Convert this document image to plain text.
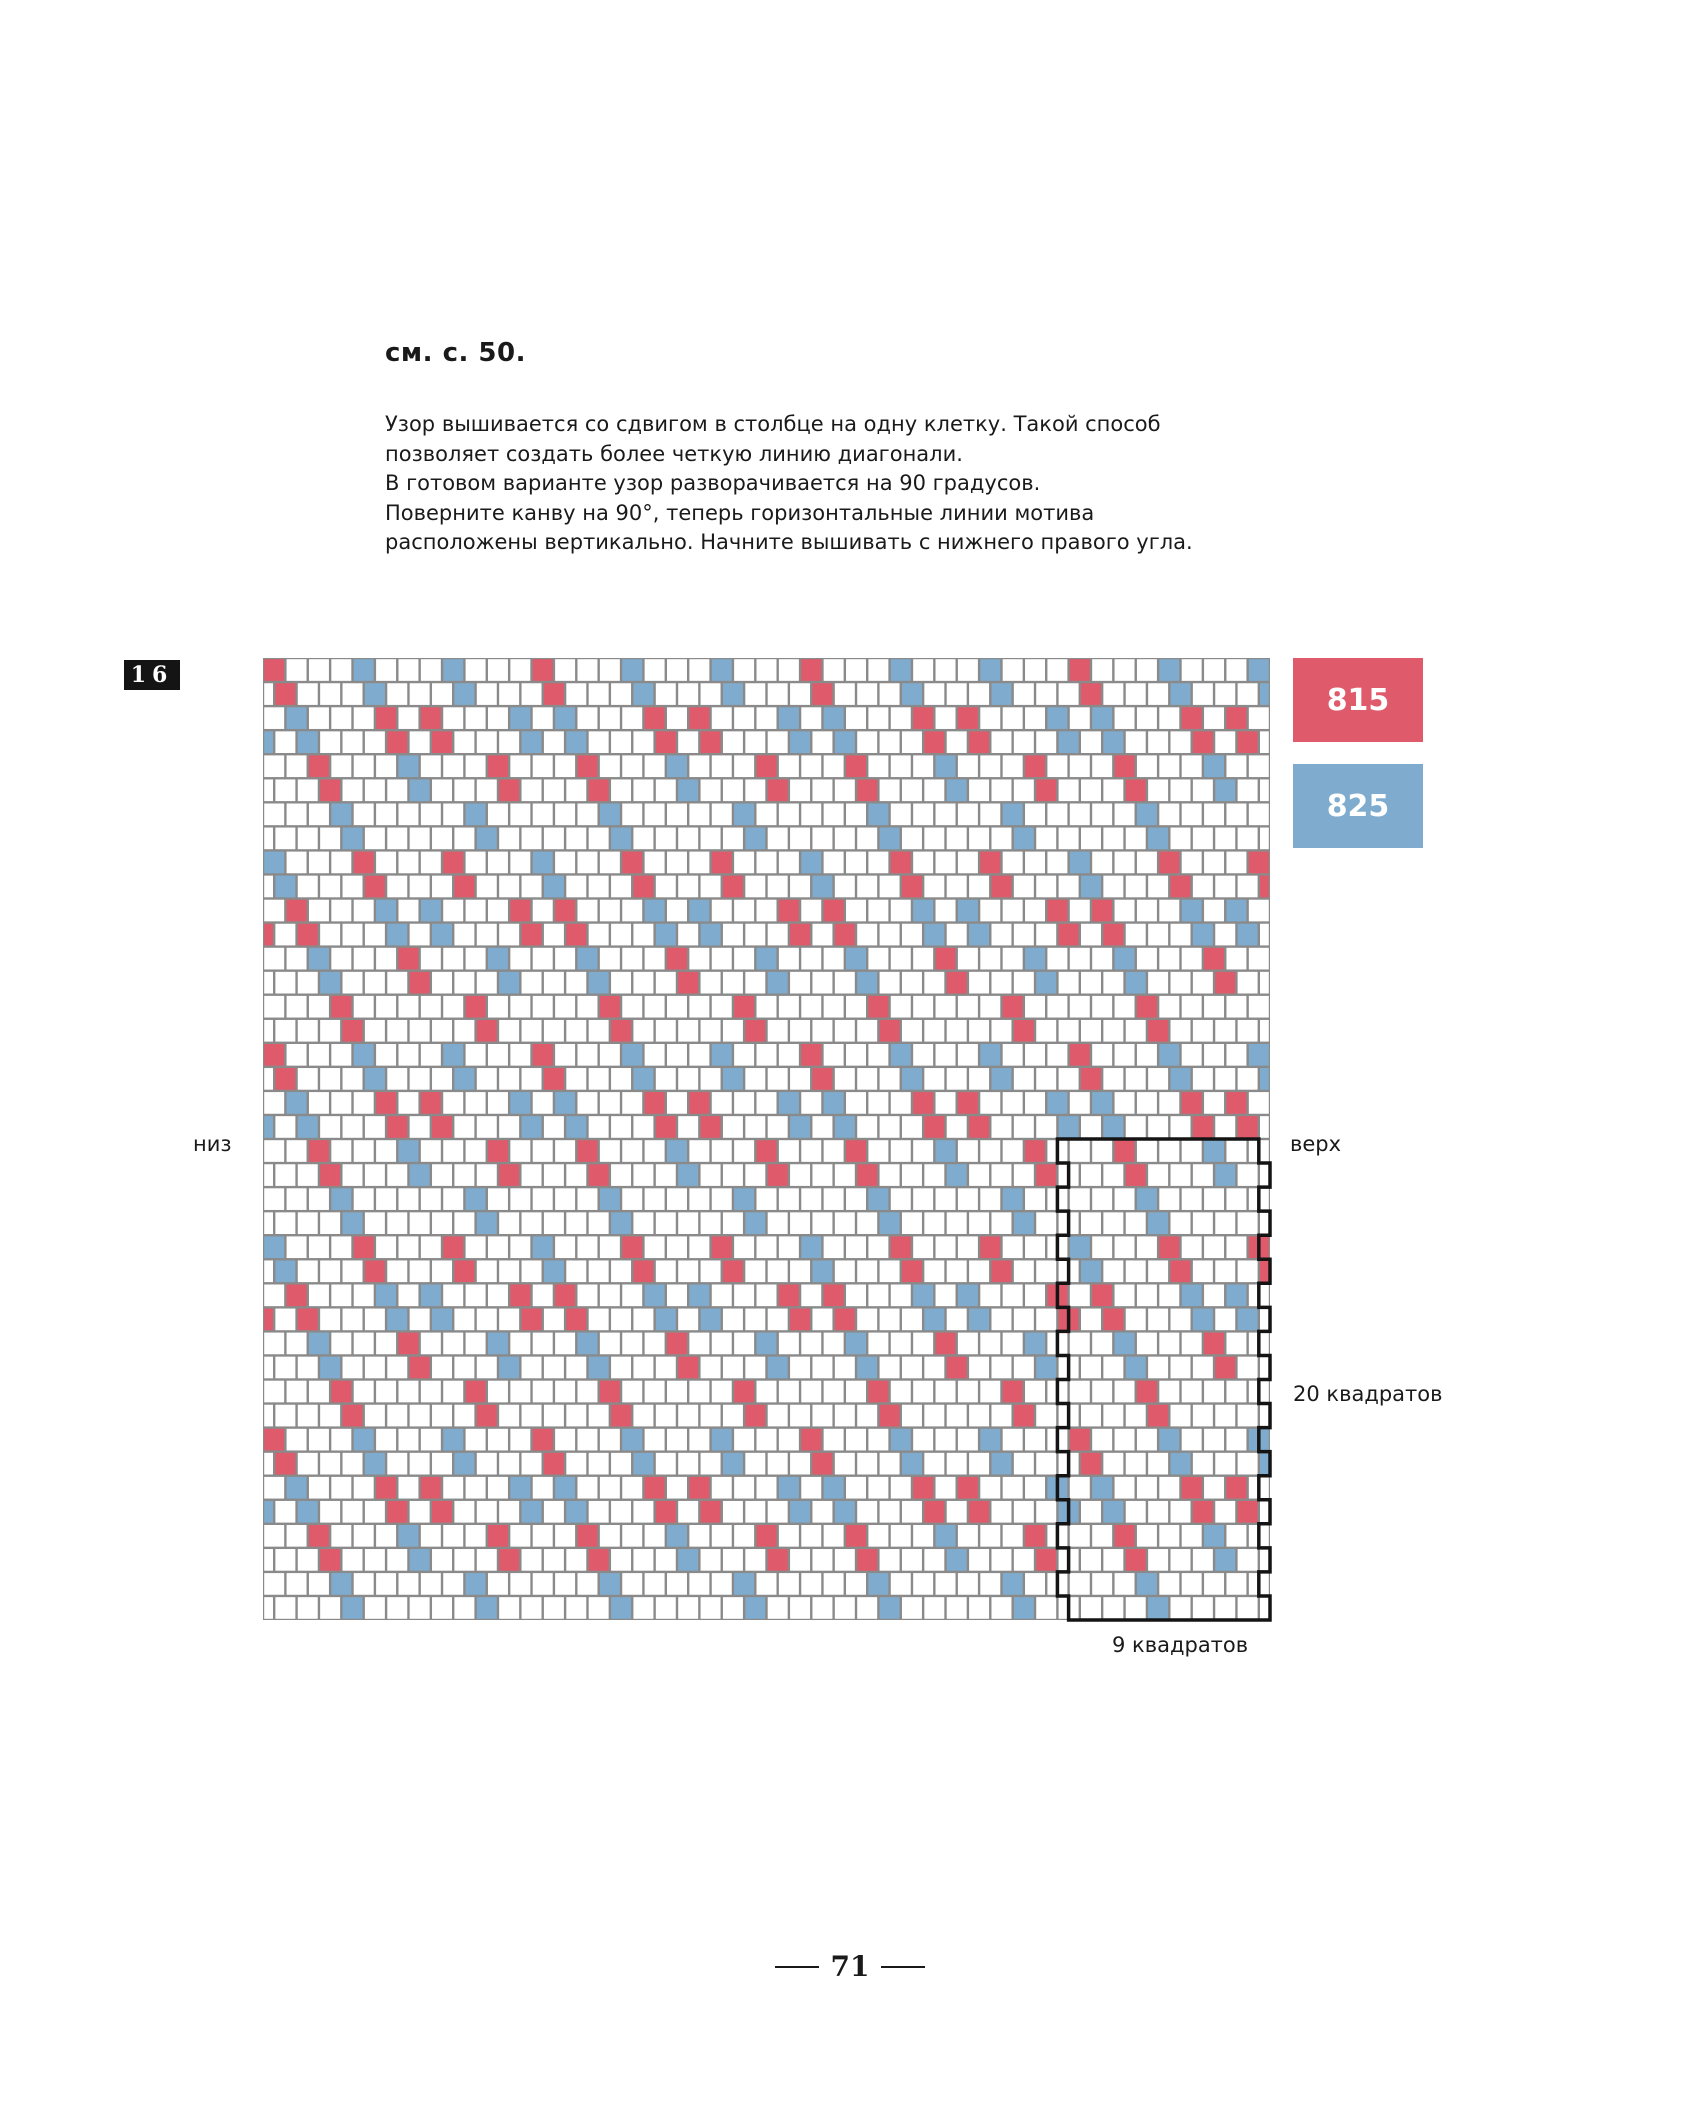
см. с. 50.
Узор вышивается со сдвигом в столбце на одну клетку. Такой способ
позволяет создать более четкую линию диагонали.
В готовом варианте узор разворачивается на 90 градусов.
Поверните канву на 90°, теперь горизонтальные линии мотива
расположены вертикально. Начните вышивать с нижнего правого угла.
16
815
825
низ	верх
20 квадратов
9 квадратов
71
